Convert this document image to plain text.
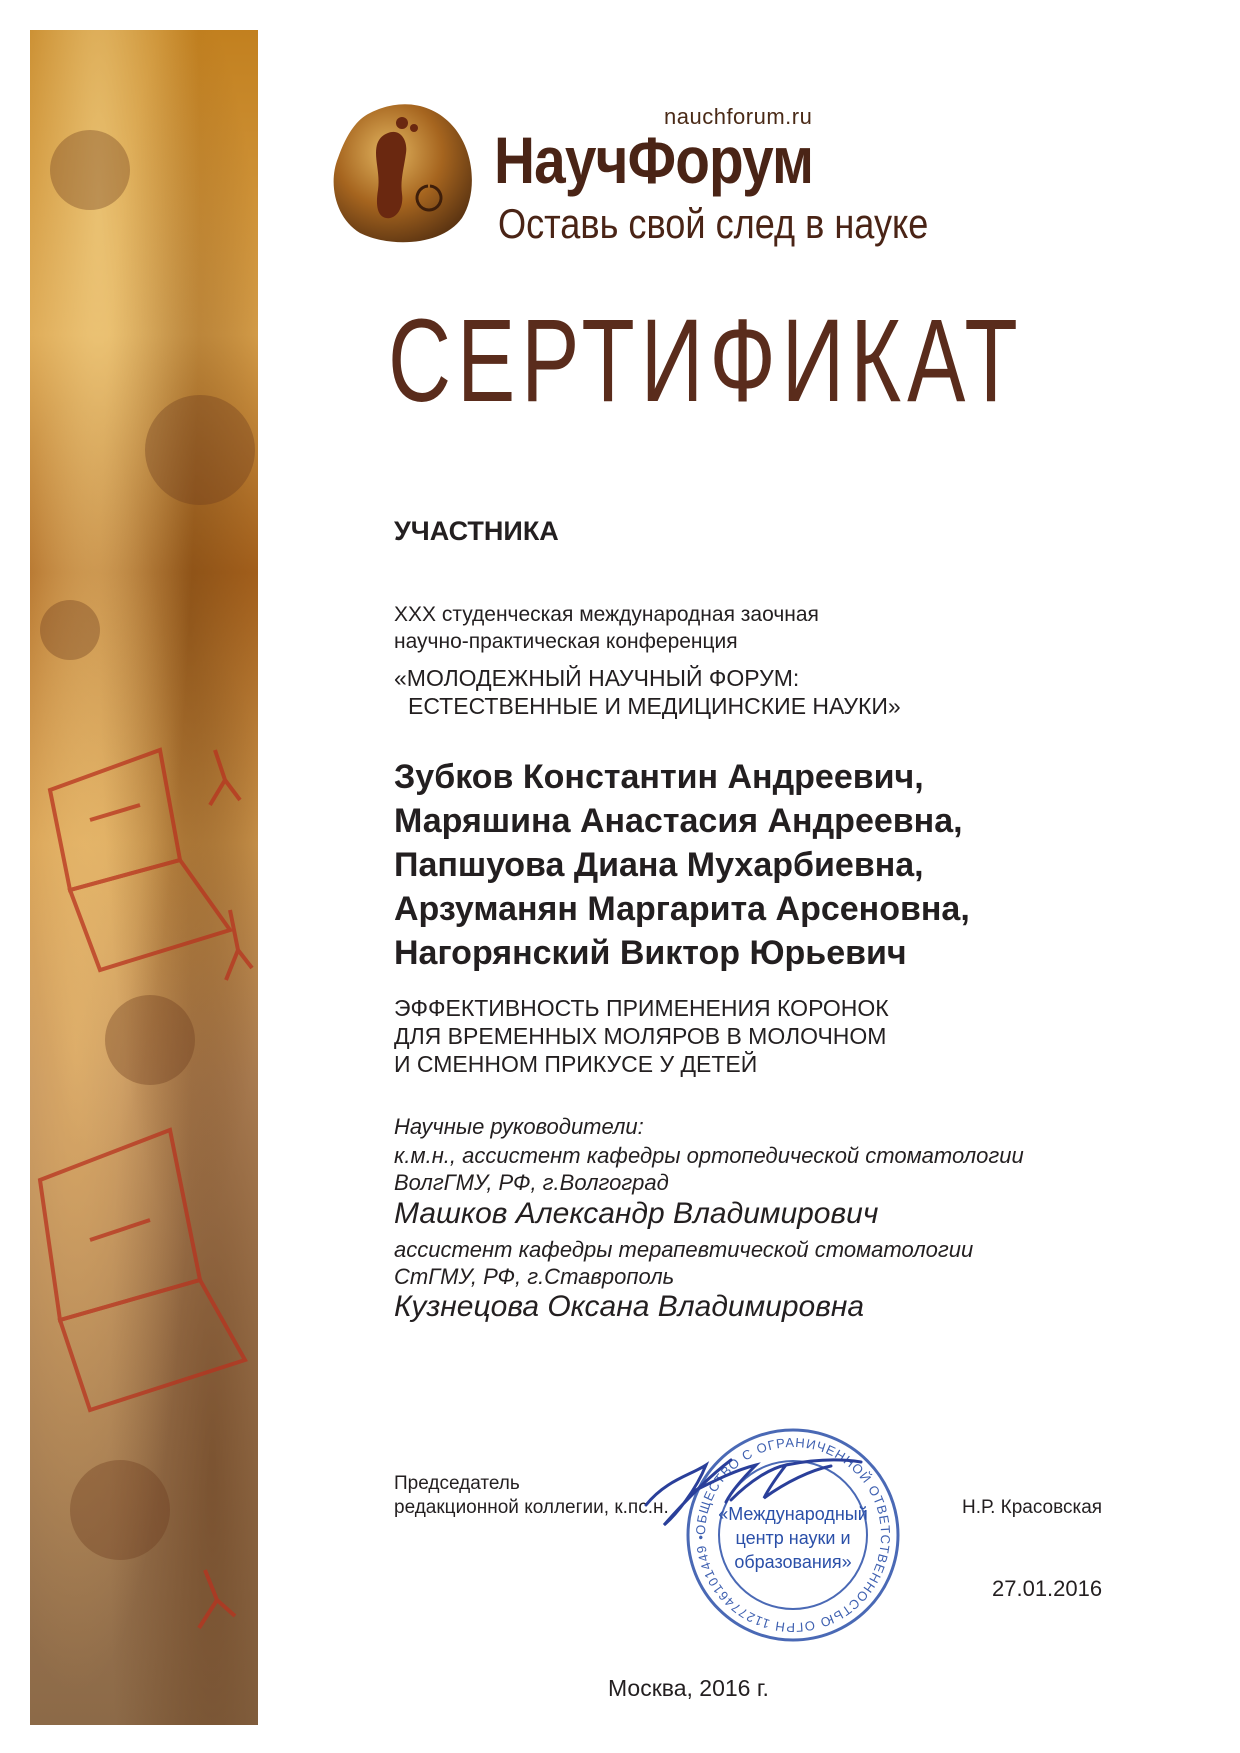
nauchforum.ru
НаучФорум
Оставь свой след в науке
СЕРТИФИКАТ
УЧАСТНИКА
XXX студенческая международная заочная
научно-практическая конференция
«МОЛОДЕЖНЫЙ НАУЧНЫЙ ФОРУМ:
ЕСТЕСТВЕННЫЕ И МЕДИЦИНСКИЕ НАУКИ»
Зубков Константин Андреевич,
Маряшина Анастасия Андреевна,
Папшуова Диана Мухарбиевна,
Арзуманян Маргарита Арсеновна,
Нагорянский Виктор Юрьевич
ЭФФЕКТИВНОСТЬ ПРИМЕНЕНИЯ КОРОНОК
ДЛЯ ВРЕМЕННЫХ МОЛЯРОВ В МОЛОЧНОМ
И СМЕННОМ ПРИКУСЕ У ДЕТЕЙ
Научные руководители:
к.м.н., ассистент кафедры ортопедической стоматологии
ВолгГМУ, РФ, г.Волгоград
Машков Александр Владимирович
ассистент кафедры терапевтической стоматологии
СтГМУ, РФ, г.Ставрополь
Кузнецова Оксана Владимировна
Председатель
редакционной коллегии, к.пс.н.	Н.Р. Красовская
27.01.2016
ОБЩЕСТВО С ОГРАНИЧЕННОЙ ОТВЕТСТВЕННОСТЬЮ ОГРН 1127746101449 •
«Международный
центр науки и
образования»
Москва, 2016 г.
